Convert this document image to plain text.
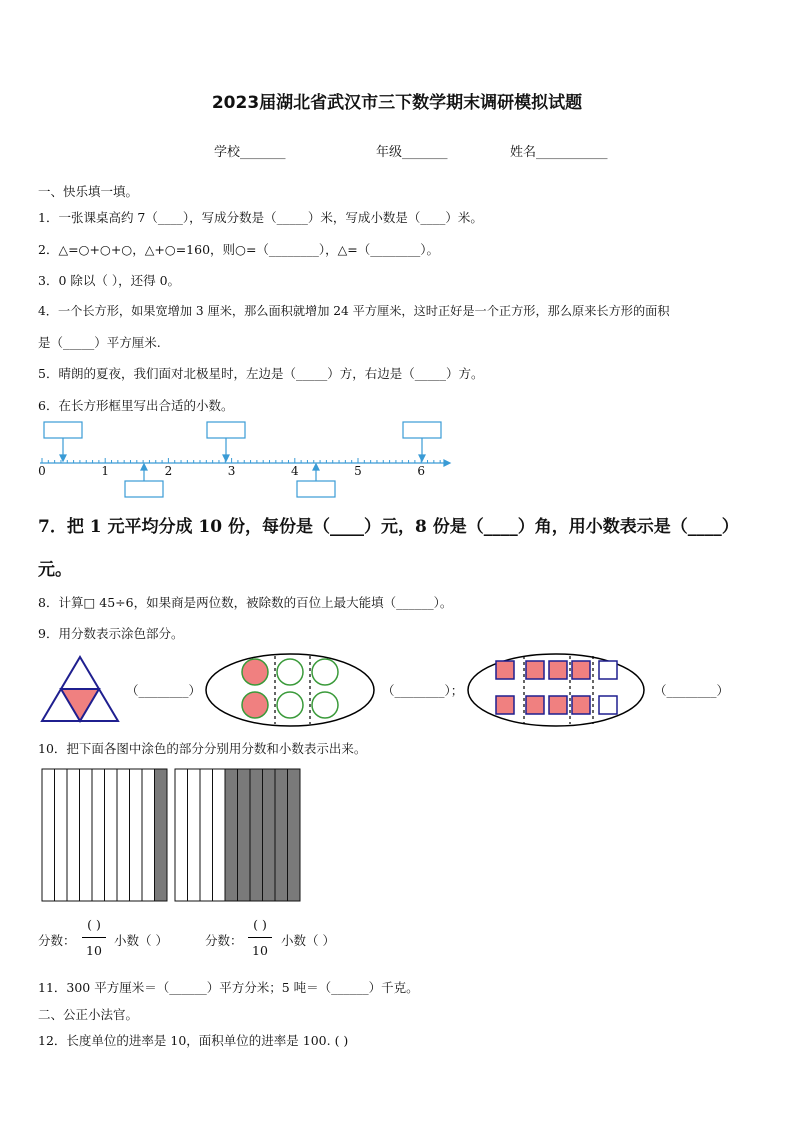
2023届湖北省武汉市三下数学期末调研模拟试题
学校_______	年级_______	姓名___________
一、快乐填一填。
1．一张课桌高约 7（____），写成分数是（_____）米，写成小数是（____）米。
2．△=○+○+○，△+○=160，则○=（________），△=（________）。
3．0 除以（ ），还得 0。
4．一个长方形，如果宽增加 3 厘米，那么面积就增加 24 平方厘米，这时正好是一个正方形，那么原来长方形的面积
是（_____）平方厘米.
5．晴朗的夏夜，我们面对北极星时，左边是（_____）方，右边是（_____）方。
6．在长方形框里写出合适的小数。
0	1	2	3	4	5	6
7．把 1 元平均分成 10 份，每份是（____）元，8 份是（____）角，用小数表示是（____）
元。
8．计算□ 45÷6，如果商是两位数，被除数的百位上最大能填（______）。
9．用分数表示涂色部分。
（________）	（________）；	（________）
10．把下面各图中涂色的部分分别用分数和小数表示出来。
分数：
( )
10
小数（ ）	分数：
( )
10
小数（ ）
11．300 平方厘米＝（______）平方分米；5 吨＝（______）千克。
二、公正小法官。
12．长度单位的进率是 10，面积单位的进率是 100. ( )
